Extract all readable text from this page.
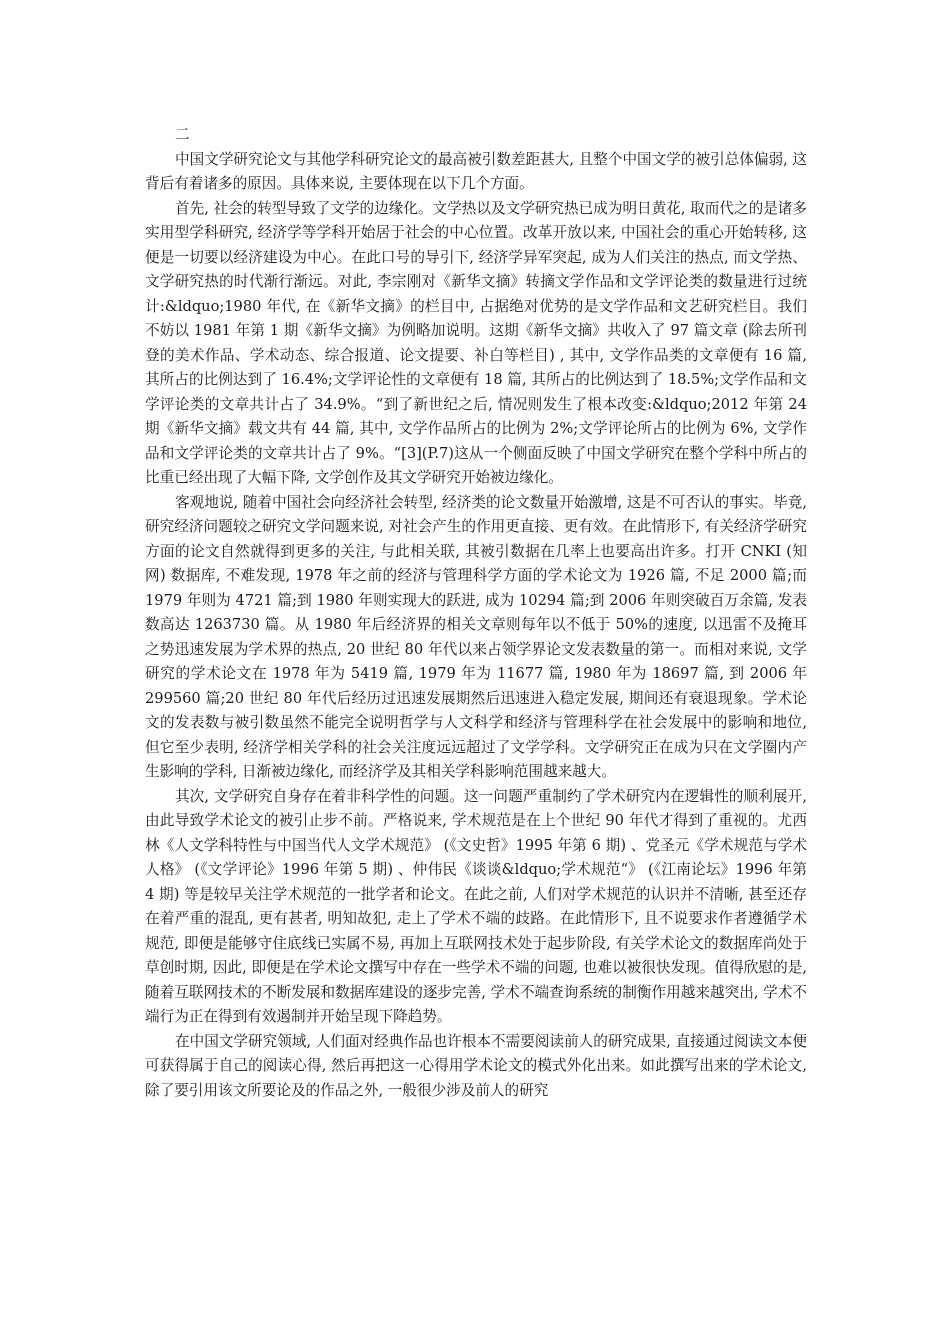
二

中国文学研究论文与其他学科研究论文的最高被引数差距甚大, 且整个中国文学的被引总体偏弱, 这背后有着诸多的原因。具体来说, 主要体现在以下几个方面。

首先, 社会的转型导致了文学的边缘化。文学热以及文学研究热已成为明日黄花, 取而代之的是诸多实用型学科研究, 经济学等学科开始居于社会的中心位置。改革开放以来, 中国社会的重心开始转移, 这便是一切要以经济建设为中心。在此口号的导引下, 经济学异军突起, 成为人们关注的热点, 而文学热、文学研究热的时代渐行渐远。对此, 李宗刚对《新华文摘》转摘文学作品和文学评论类的数量进行过统计:&ldquo;1980 年代, 在《新华文摘》的栏目中, 占据绝对优势的是文学作品和文艺研究栏目。我们不妨以 1981 年第 1 期《新华文摘》为例略加说明。这期《新华文摘》共收入了 97 篇文章 (除去所刊登的美术作品、学术动态、综合报道、论文提要、补白等栏目) , 其中, 文学作品类的文章便有 16 篇, 其所占的比例达到了 16.4%;文学评论性的文章便有 18 篇, 其所占的比例达到了 18.5%;文学作品和文学评论类的文章共计占了 34.9%。“到了新世纪之后, 情况则发生了根本改变:&ldquo;2012 年第 24 期《新华文摘》载文共有 44 篇, 其中, 文学作品所占的比例为 2%;文学评论所占的比例为 6%, 文学作品和文学评论类的文章共计占了 9%。“[3](P.7)这从一个侧面反映了中国文学研究在整个学科中所占的比重已经出现了大幅下降, 文学创作及其文学研究开始被边缘化。

客观地说, 随着中国社会向经济社会转型, 经济类的论文数量开始激增, 这是不可否认的事实。毕竟, 研究经济问题较之研究文学问题来说, 对社会产生的作用更直接、更有效。在此情形下, 有关经济学研究方面的论文自然就得到更多的关注, 与此相关联, 其被引数据在几率上也要高出许多。打开 CNKI (知网) 数据库, 不难发现, 1978 年之前的经济与管理科学方面的学术论文为 1926 篇, 不足 2000 篇;而 1979 年则为 4721 篇;到 1980 年则实现大的跃进, 成为 10294 篇;到 2006 年则突破百万余篇, 发表数高达 1263730 篇。从 1980 年后经济界的相关文章则每年以不低于 50%的速度, 以迅雷不及掩耳之势迅速发展为学术界的热点, 20 世纪 80 年代以来占领学界论文发表数量的第一。而相对来说, 文学研究的学术论文在 1978 年为 5419 篇, 1979 年为 11677 篇, 1980 年为 18697 篇, 到 2006 年 299560 篇;20 世纪 80 年代后经历过迅速发展期然后迅速进入稳定发展, 期间还有衰退现象。学术论文的发表数与被引数虽然不能完全说明哲学与人文科学和经济与管理科学在社会发展中的影响和地位, 但它至少表明, 经济学相关学科的社会关注度远远超过了文学学科。文学研究正在成为只在文学圈内产生影响的学科, 日渐被边缘化, 而经济学及其相关学科影响范围越来越大。

其次, 文学研究自身存在着非科学性的问题。这一问题严重制约了学术研究内在逻辑性的顺利展开, 由此导致学术论文的被引止步不前。严格说来, 学术规范是在上个世纪 90 年代才得到了重视的。尤西林《人文学科特性与中国当代人文学术规范》 (《文史哲》1995 年第 6 期) 、党圣元《学术规范与学术人格》 (《文学评论》1996 年第 5 期) 、仲伟民《谈谈&ldquo;学术规范“》 (《江南论坛》1996 年第 4 期) 等是较早关注学术规范的一批学者和论文。在此之前, 人们对学术规范的认识并不清晰, 甚至还存在着严重的混乱, 更有甚者, 明知故犯, 走上了学术不端的歧路。在此情形下, 且不说要求作者遵循学术规范, 即便是能够守住底线已实属不易, 再加上互联网技术处于起步阶段, 有关学术论文的数据库尚处于草创时期, 因此, 即便是在学术论文撰写中存在一些学术不端的问题, 也难以被很快发现。值得欣慰的是, 随着互联网技术的不断发展和数据库建设的逐步完善, 学术不端查询系统的制衡作用越来越突出, 学术不端行为正在得到有效遏制并开始呈现下降趋势。

在中国文学研究领域, 人们面对经典作品也许根本不需要阅读前人的研究成果, 直接通过阅读文本便可获得属于自己的阅读心得, 然后再把这一心得用学术论文的模式外化出来。如此撰写出来的学术论文, 除了要引用该文所要论及的作品之外, 一般很少涉及前人的研究
